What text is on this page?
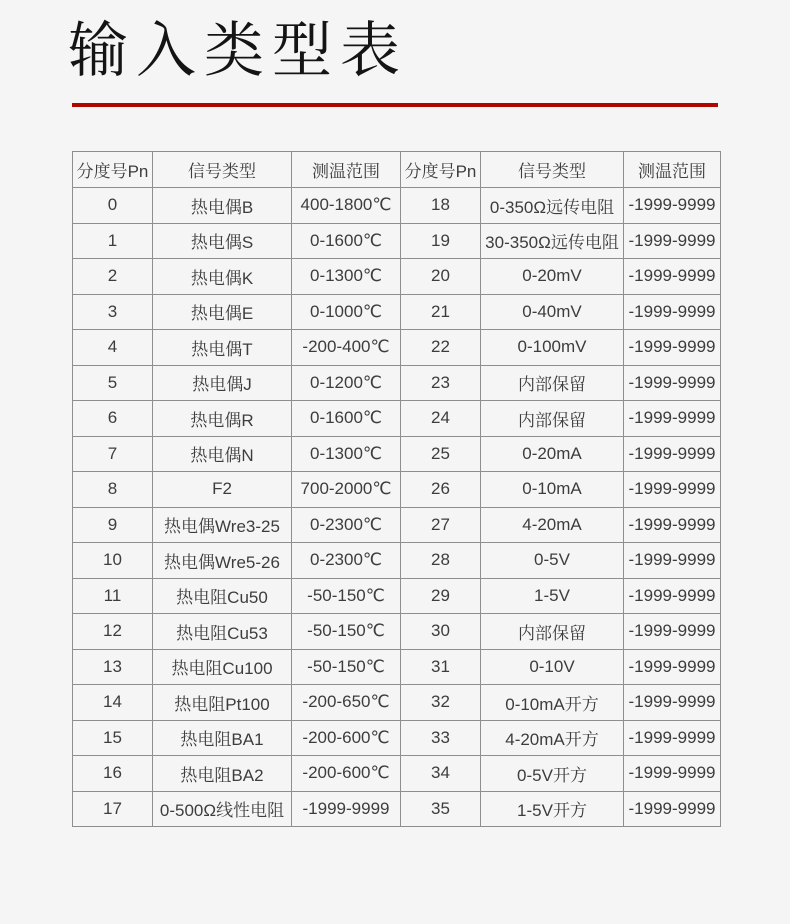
输入类型表
分度号Pn	信号类型	测温范围	分度号Pn	信号类型	测温范围
0	热电偶B	400-1800℃	18	0-350Ω远传电阻	-1999-9999
1	热电偶S	0-1600℃	19	30-350Ω远传电阻	-1999-9999
2	热电偶K	0-1300℃	20	0-20mV	-1999-9999
3	热电偶E	0-1000℃	21	0-40mV	-1999-9999
4	热电偶T	-200-400℃	22	0-100mV	-1999-9999
5	热电偶J	0-1200℃	23	内部保留	-1999-9999
6	热电偶R	0-1600℃	24	内部保留	-1999-9999
7	热电偶N	0-1300℃	25	0-20mA	-1999-9999
8	F2	700-2000℃	26	0-10mA	-1999-9999
9	热电偶Wre3-25	0-2300℃	27	4-20mA	-1999-9999
10	热电偶Wre5-26	0-2300℃	28	0-5V	-1999-9999
11	热电阻Cu50	-50-150℃	29	1-5V	-1999-9999
12	热电阻Cu53	-50-150℃	30	内部保留	-1999-9999
13	热电阻Cu100	-50-150℃	31	0-10V	-1999-9999
14	热电阻Pt100	-200-650℃	32	0-10mA开方	-1999-9999
15	热电阻BA1	-200-600℃	33	4-20mA开方	-1999-9999
16	热电阻BA2	-200-600℃	34	0-5V开方	-1999-9999
17	0-500Ω线性电阻	-1999-9999	35	1-5V开方	-1999-9999
